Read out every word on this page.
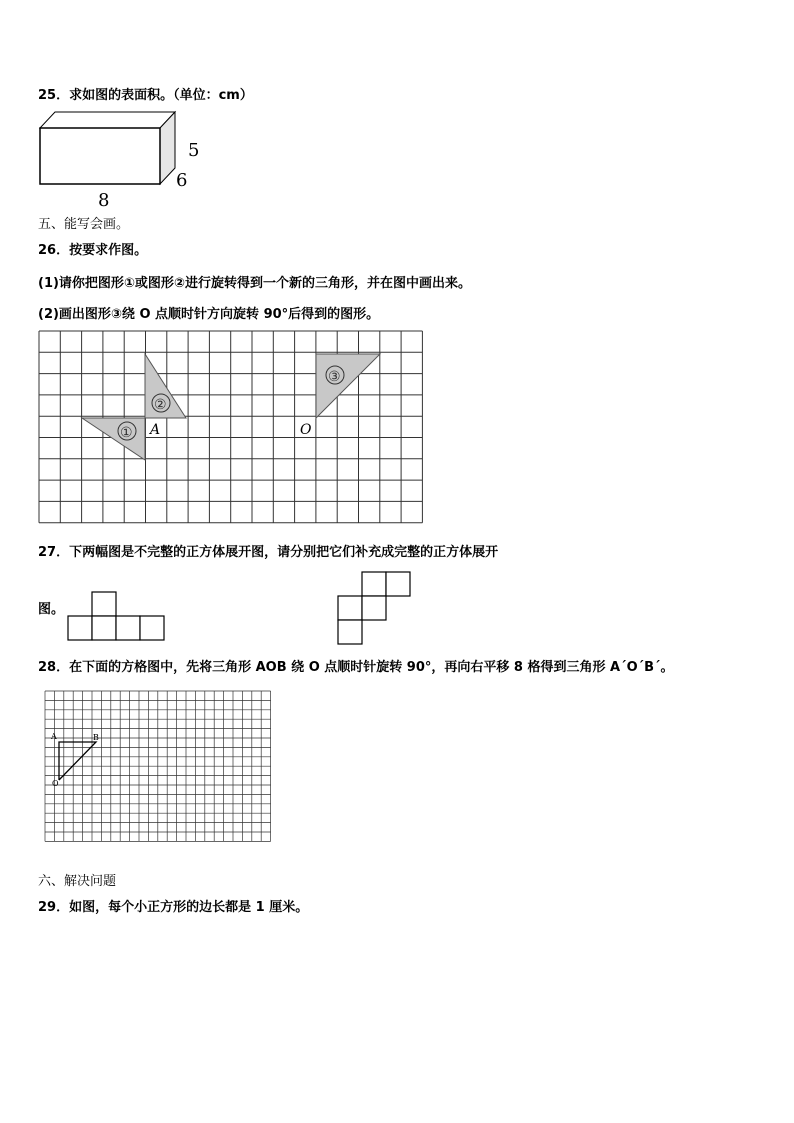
25．求如图的表面积。（单位：cm）
8
5
6
五、能写会画。
26．按要求作图。
(1)请你把图形①或图形②进行旋转得到一个新的三角形，并在图中画出来。
(2)画出图形③绕 O 点顺时针方向旋转 90°后得到的图形。
①
②
③
A	O
27．下两幅图是不完整的正方体展开图，请分别把它们补充成完整的正方体展开
图。
28．在下面的方格图中，先将三角形 AOB 绕 O 点顺时针旋转 90°，再向右平移 8 格得到三角形 A´O´B´。
A	B
O
六、解决问题
29．如图，每个小正方形的边长都是 1 厘米。
